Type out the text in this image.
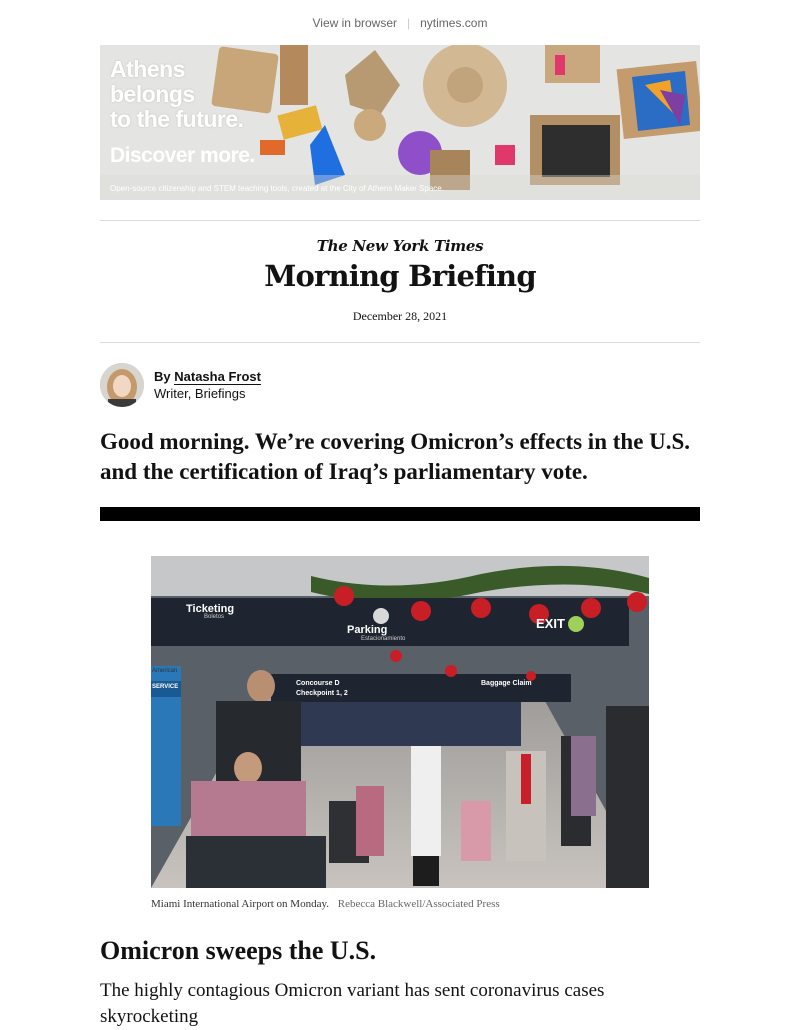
View in browser | nytimes.com
Athens
belongs
to the future.
Discover more.
Open-source citizenship and STEM teaching tools, created at the City of Athens Maker Space.
The New York Times
Morning Briefing
December 28, 2021
By Natasha Frost
Writer, Briefings
Good morning. We’re covering Omicron’s effects in the U.S. and the certification of Iraq’s parliamentary vote.
Ticketing
Boletos
Parking
Estacionamiento
Concourse D
Checkpoint 1, 2
Baggage Claim
EXIT
SERVICE
American
Miami International Airport on Monday. Rebecca Blackwell/Associated Press
Omicron sweeps the U.S.
The highly contagious Omicron variant has sent coronavirus cases skyrocketing
